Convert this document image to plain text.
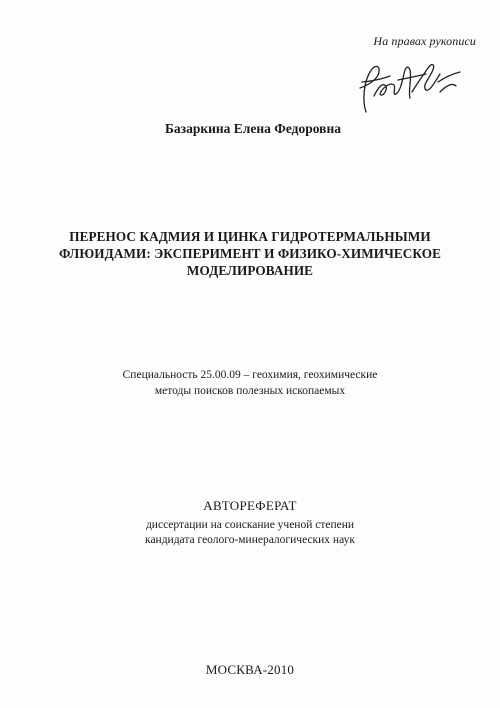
На правах рукописи
Базаркина Елена Федоровна
ПЕРЕНОС КАДМИЯ И ЦИНКА ГИДРОТЕРМАЛЬНЫМИ
ФЛЮИДАМИ: ЭКСПЕРИМЕНТ И ФИЗИКО-ХИМИЧЕСКОЕ
МОДЕЛИРОВАНИЕ
Специальность 25.00.09 – геохимия, геохимические
методы поисков полезных ископаемых
АВТОРЕФЕРАТ
диссертации на соискание ученой степени
кандидата геолого-минералогических наук
МОСКВА-2010
